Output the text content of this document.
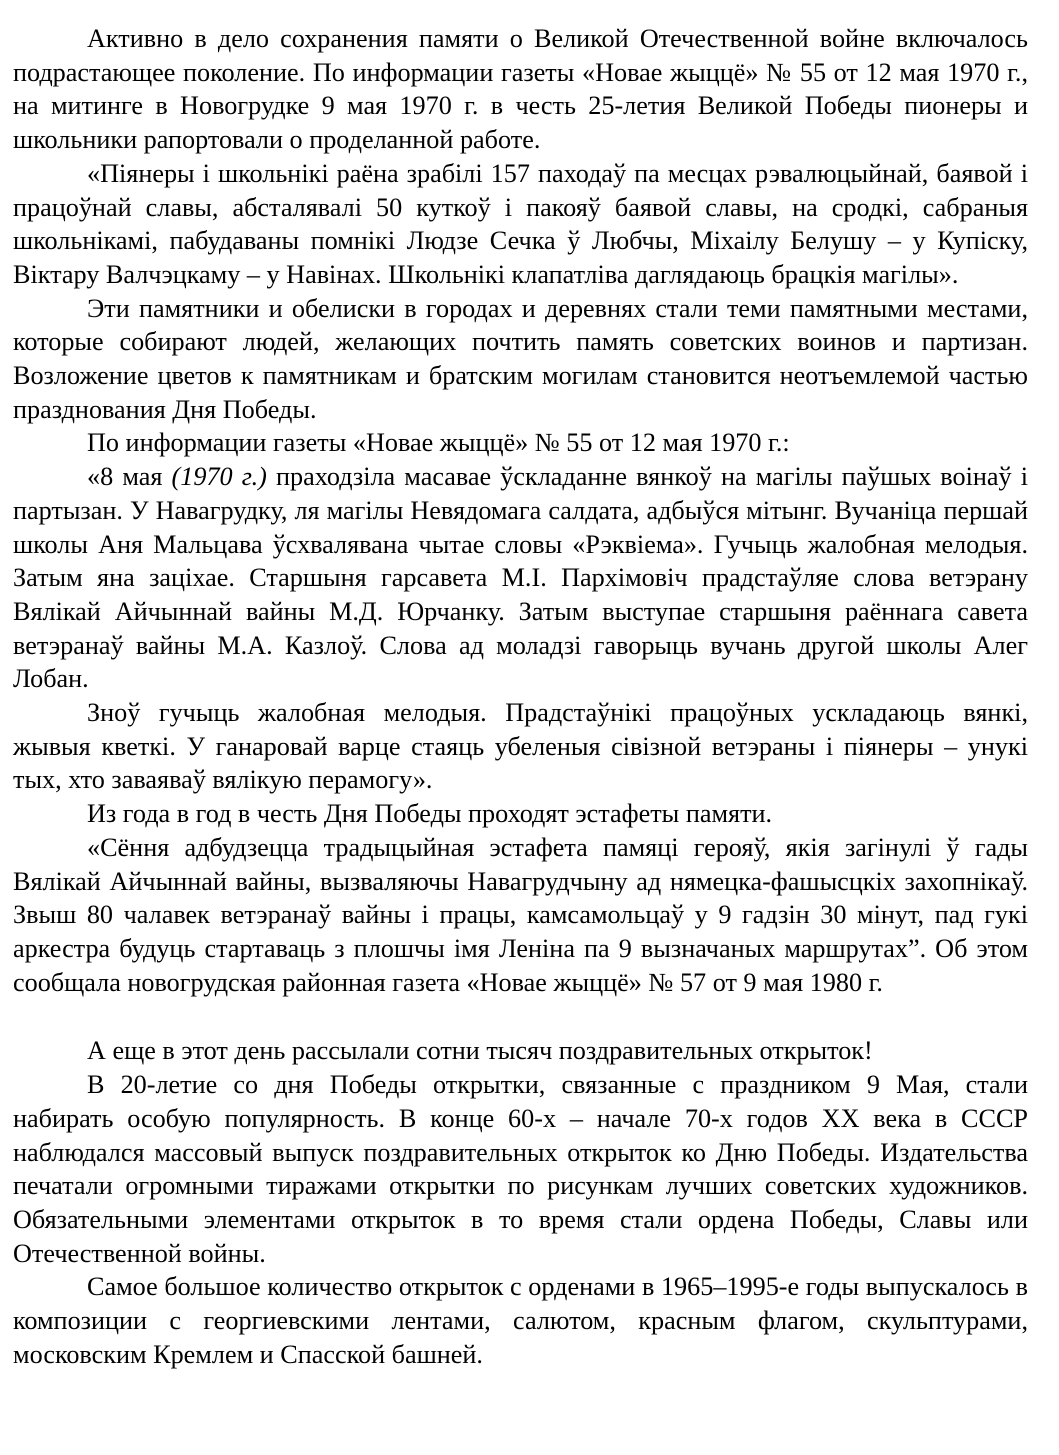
Активно в дело сохранения памяти о Великой Отечественной войне включалось подрастающее поколение. По информации газеты «Новае жыццё» № 55 от 12 мая 1970 г., на митинге в Новогрудке 9 мая 1970 г. в честь 25-летия Великой Победы пионеры и школьники рапортовали о проделанной работе.

«Піянеры і школьнікі раёна зрабілі 157 паходаў па месцах рэвалюцыйнай, баявой і працоўнай славы, абсталявалі 50 куткоў і пакояў баявой славы, на сродкі, сабраныя школьнікамі, пабудаваны помнікі Людзе Сечка ў Любчы, Міхаілу Белушу – у Купіску, Віктару Валчэцкаму – у Навінах. Школьнікі клапатліва даглядаюць брацкія магілы».

Эти памятники и обелиски в городах и деревнях стали теми памятными местами, которые собирают людей, желающих почтить память советских воинов и партизан. Возложение цветов к памятникам и братским могилам становится неотъемлемой частью празднования Дня Победы.

По информации газеты «Новае жыццё» № 55 от 12 мая 1970 г.:

«8 мая (1970 г.) праходзіла масавае ўскладанне вянкоў на магілы паўшых воінаў і партызан. У Навагрудку, ля магілы Невядомага салдата, адбыўся мітынг. Вучаніца першай школы Аня Мальцава ўсхвалявана чытае словы «Рэквіема». Гучыць жалобная мелодыя. Затым яна заціхае. Старшыня гарсавета М.І. Пархімовіч прадстаўляе слова ветэрану Вялікай Айчыннай вайны М.Д. Юрчанку. Затым выступае старшыня раённага савета ветэранаў вайны М.А. Казлоў. Слова ад моладзі гаворыць вучань другой школы Алег Лобан.

Зноў гучыць жалобная мелодыя. Прадстаўнікі працоўных ускладаюць вянкі, жывыя кветкі. У ганаровай варце стаяць убеленыя сівізной ветэраны і піянеры – унукі тых, хто заваяваў вялікую перамогу».

Из года в год в честь Дня Победы проходят эстафеты памяти.

«Сёння адбудзецца традыцыйная эстафета памяці герояў, якія загінулі ў гады Вялікай Айчыннай вайны, вызваляючы Навагрудчыну ад нямецка-фашысцкіх захопнікаў. Звыш 80 чалавек ветэранаў вайны і працы, камсамольцаў у 9 гадзін 30 мінут, пад гукі аркестра будуць стартаваць з плошчы імя Леніна па 9 вызначаных маршрутах”. Об этом сообщала новогрудская районная газета «Новае жыццё» № 57 от 9 мая 1980 г.

А еще в этот день рассылали сотни тысяч поздравительных открыток!

В 20-летие со дня Победы открытки, связанные с праздником 9 Мая, стали набирать особую популярность. В конце 60-х – начале 70-х годов ХХ века в СССР наблюдался массовый выпуск поздравительных открыток ко Дню Победы. Издательства печатали огромными тиражами открытки по рисункам лучших советских художников. Обязательными элементами открыток в то время стали ордена Победы, Славы или Отечественной войны.

Самое большое количество открыток с орденами в 1965–1995-е годы выпускалось в композиции с георгиевскими лентами, салютом, красным флагом, скульптурами, московским Кремлем и Спасской башней.
